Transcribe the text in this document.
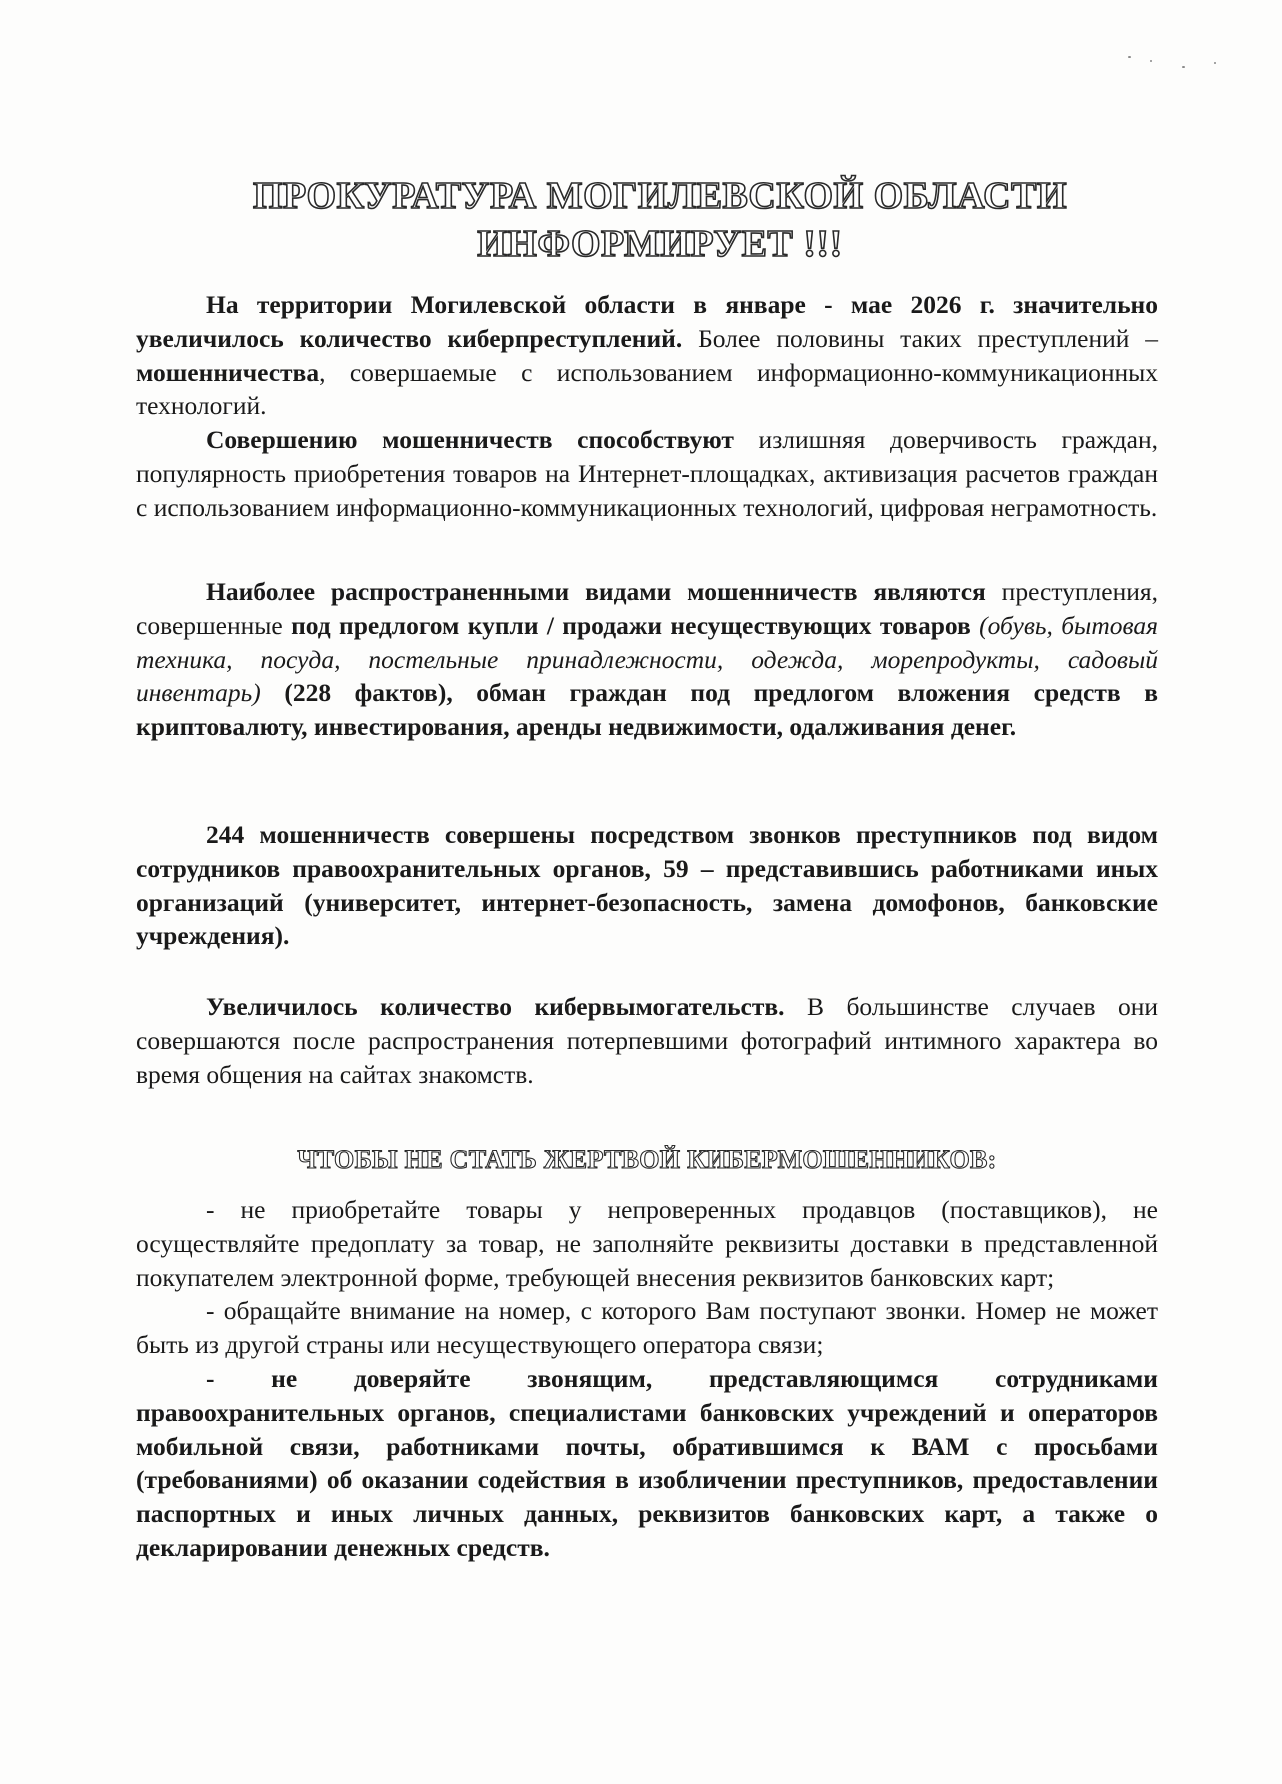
ПРОКУРАТУРА МОГИЛЕВСКОЙ ОБЛАСТИ
ИНФОРМИРУЕТ !!!

На территории Могилевской области в январе - мае 2026 г. значительно увеличилось количество киберпреступлений. Более половины таких преступлений – мошенничества, совершаемые с использованием информационно-коммуникационных технологий.

Совершению мошенничеств способствуют излишняя доверчивость граждан, популярность приобретения товаров на Интернет-площадках, активизация расчетов граждан с использованием информационно-коммуникационных технологий, цифровая неграмотность.

Наиболее распространенными видами мошенничеств являются преступления, совершенные под предлогом купли / продажи несуществующих товаров (обувь, бытовая техника, посуда, постельные принадлежности, одежда, морепродукты, садовый инвентарь) (228 фактов), обман граждан под предлогом вложения средств в криптовалюту, инвестирования, аренды недвижимости, одалживания денег.

244 мошенничеств совершены посредством звонков преступников под видом сотрудников правоохранительных органов, 59 – представившись работниками иных организаций (университет, интернет-безопасность, замена домофонов, банковские учреждения).

Увеличилось количество кибервымогательств. В большинстве случаев они совершаются после распространения потерпевшими фотографий интимного характера во время общения на сайтах знакомств.

ЧТОБЫ НЕ СТАТЬ ЖЕРТВОЙ КИБЕРМОШЕННИКОВ:

- не приобретайте товары у непроверенных продавцов (поставщиков), не осуществляйте предоплату за товар, не заполняйте реквизиты доставки в представленной покупателем электронной форме, требующей внесения реквизитов банковских карт;

- обращайте внимание на номер, с которого Вам поступают звонки. Номер не может быть из другой страны или несуществующего оператора связи;

- не доверяйте звонящим, представляющимся сотрудниками правоохранительных органов, специалистами банковских учреждений и операторов мобильной связи, работниками почты, обратившимся к ВАМ с просьбами (требованиями) об оказании содействия в изобличении преступников, предоставлении паспортных и иных личных данных, реквизитов банковских карт, а также о декларировании денежных средств.
